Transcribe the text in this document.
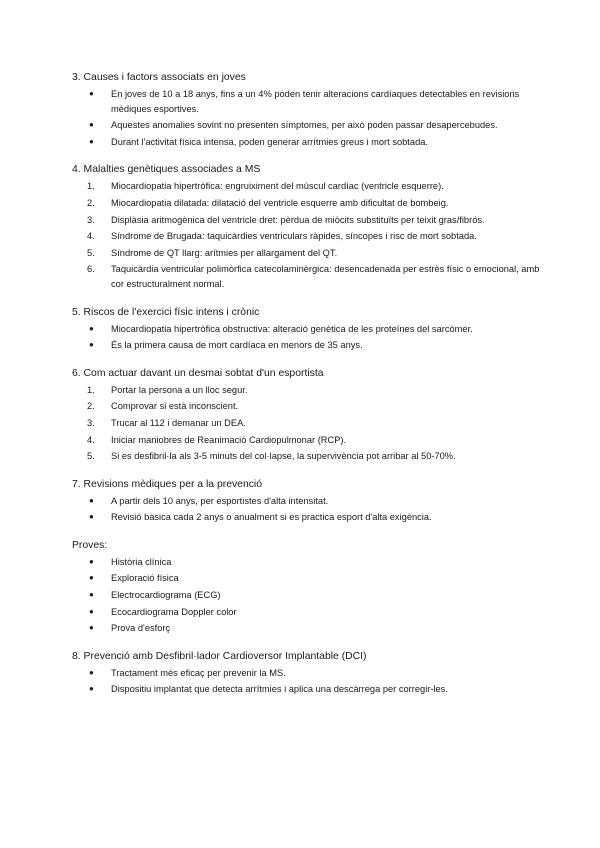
3. Causes i factors associats en joves
●	En joves de 10 a 18 anys, fins a un 4% poden tenir alteracions cardíaques detectables en revisions mèdiques esportives.
●	Aquestes anomalies sovint no presenten símptomes, per això poden passar desapercebudes.
●	Durant l'activitat física intensa, poden generar arrítmies greus i mort sobtada.
4. Malalties genètiques associades a MS
1.	Miocardiopatia hipertròfica: engruiximent del múscul cardíac (ventricle esquerre).
2.	Miocardiopatia dilatada: dilatació del ventricle esquerre amb dificultat de bombeig.
3.	Displàsia aritmogènica del ventricle dret: pèrdua de miòcits substituïts per teixit gras/fibrós.
4.	Síndrome de Brugada: taquicàrdies ventriculars ràpides, síncopes i risc de mort sobtada.
5.	Síndrome de QT llarg: arítmies per allargament del QT.
6.	Taquicàrdia ventricular polimòrfica catecolaminèrgica: desencadenada per estrès físic o emocional, amb cor estructuralment normal.
5. Riscos de l'exercici físic intens i crònic
●	Miocardiopatia hipertròfica obstructiva: alteració genètica de les proteïnes del sarcòmer.
●	És la primera causa de mort cardíaca en menors de 35 anys.
6. Com actuar davant un desmai sobtat d'un esportista
1.	Portar la persona a un lloc segur.
2.	Comprovar si està inconscient.
3.	Trucar al 112 i demanar un DEA.
4.	Iniciar maniobres de Reanimació Cardiopulmonar (RCP).
5.	Si es desfibril·la als 3-5 minuts del col·lapse, la supervivència pot arribar al 50-70%.
7. Revisions mèdiques per a la prevenció
●	A partir dels 10 anys, per esportistes d'alta intensitat.
●	Revisió bàsica cada 2 anys o anualment si es practica esport d'alta exigència.
Proves:
●	Història clínica
●	Exploració física
●	Electrocardiograma (ECG)
●	Ecocardiograma Doppler color
●	Prova d'esforç
8. Prevenció amb Desfibril·lador Cardioversor Implantable (DCI)
●	Tractament més eficaç per prevenir la MS.
●	Dispositiu implantat que detecta arrítmies i aplica una descàrrega per corregir-les.
